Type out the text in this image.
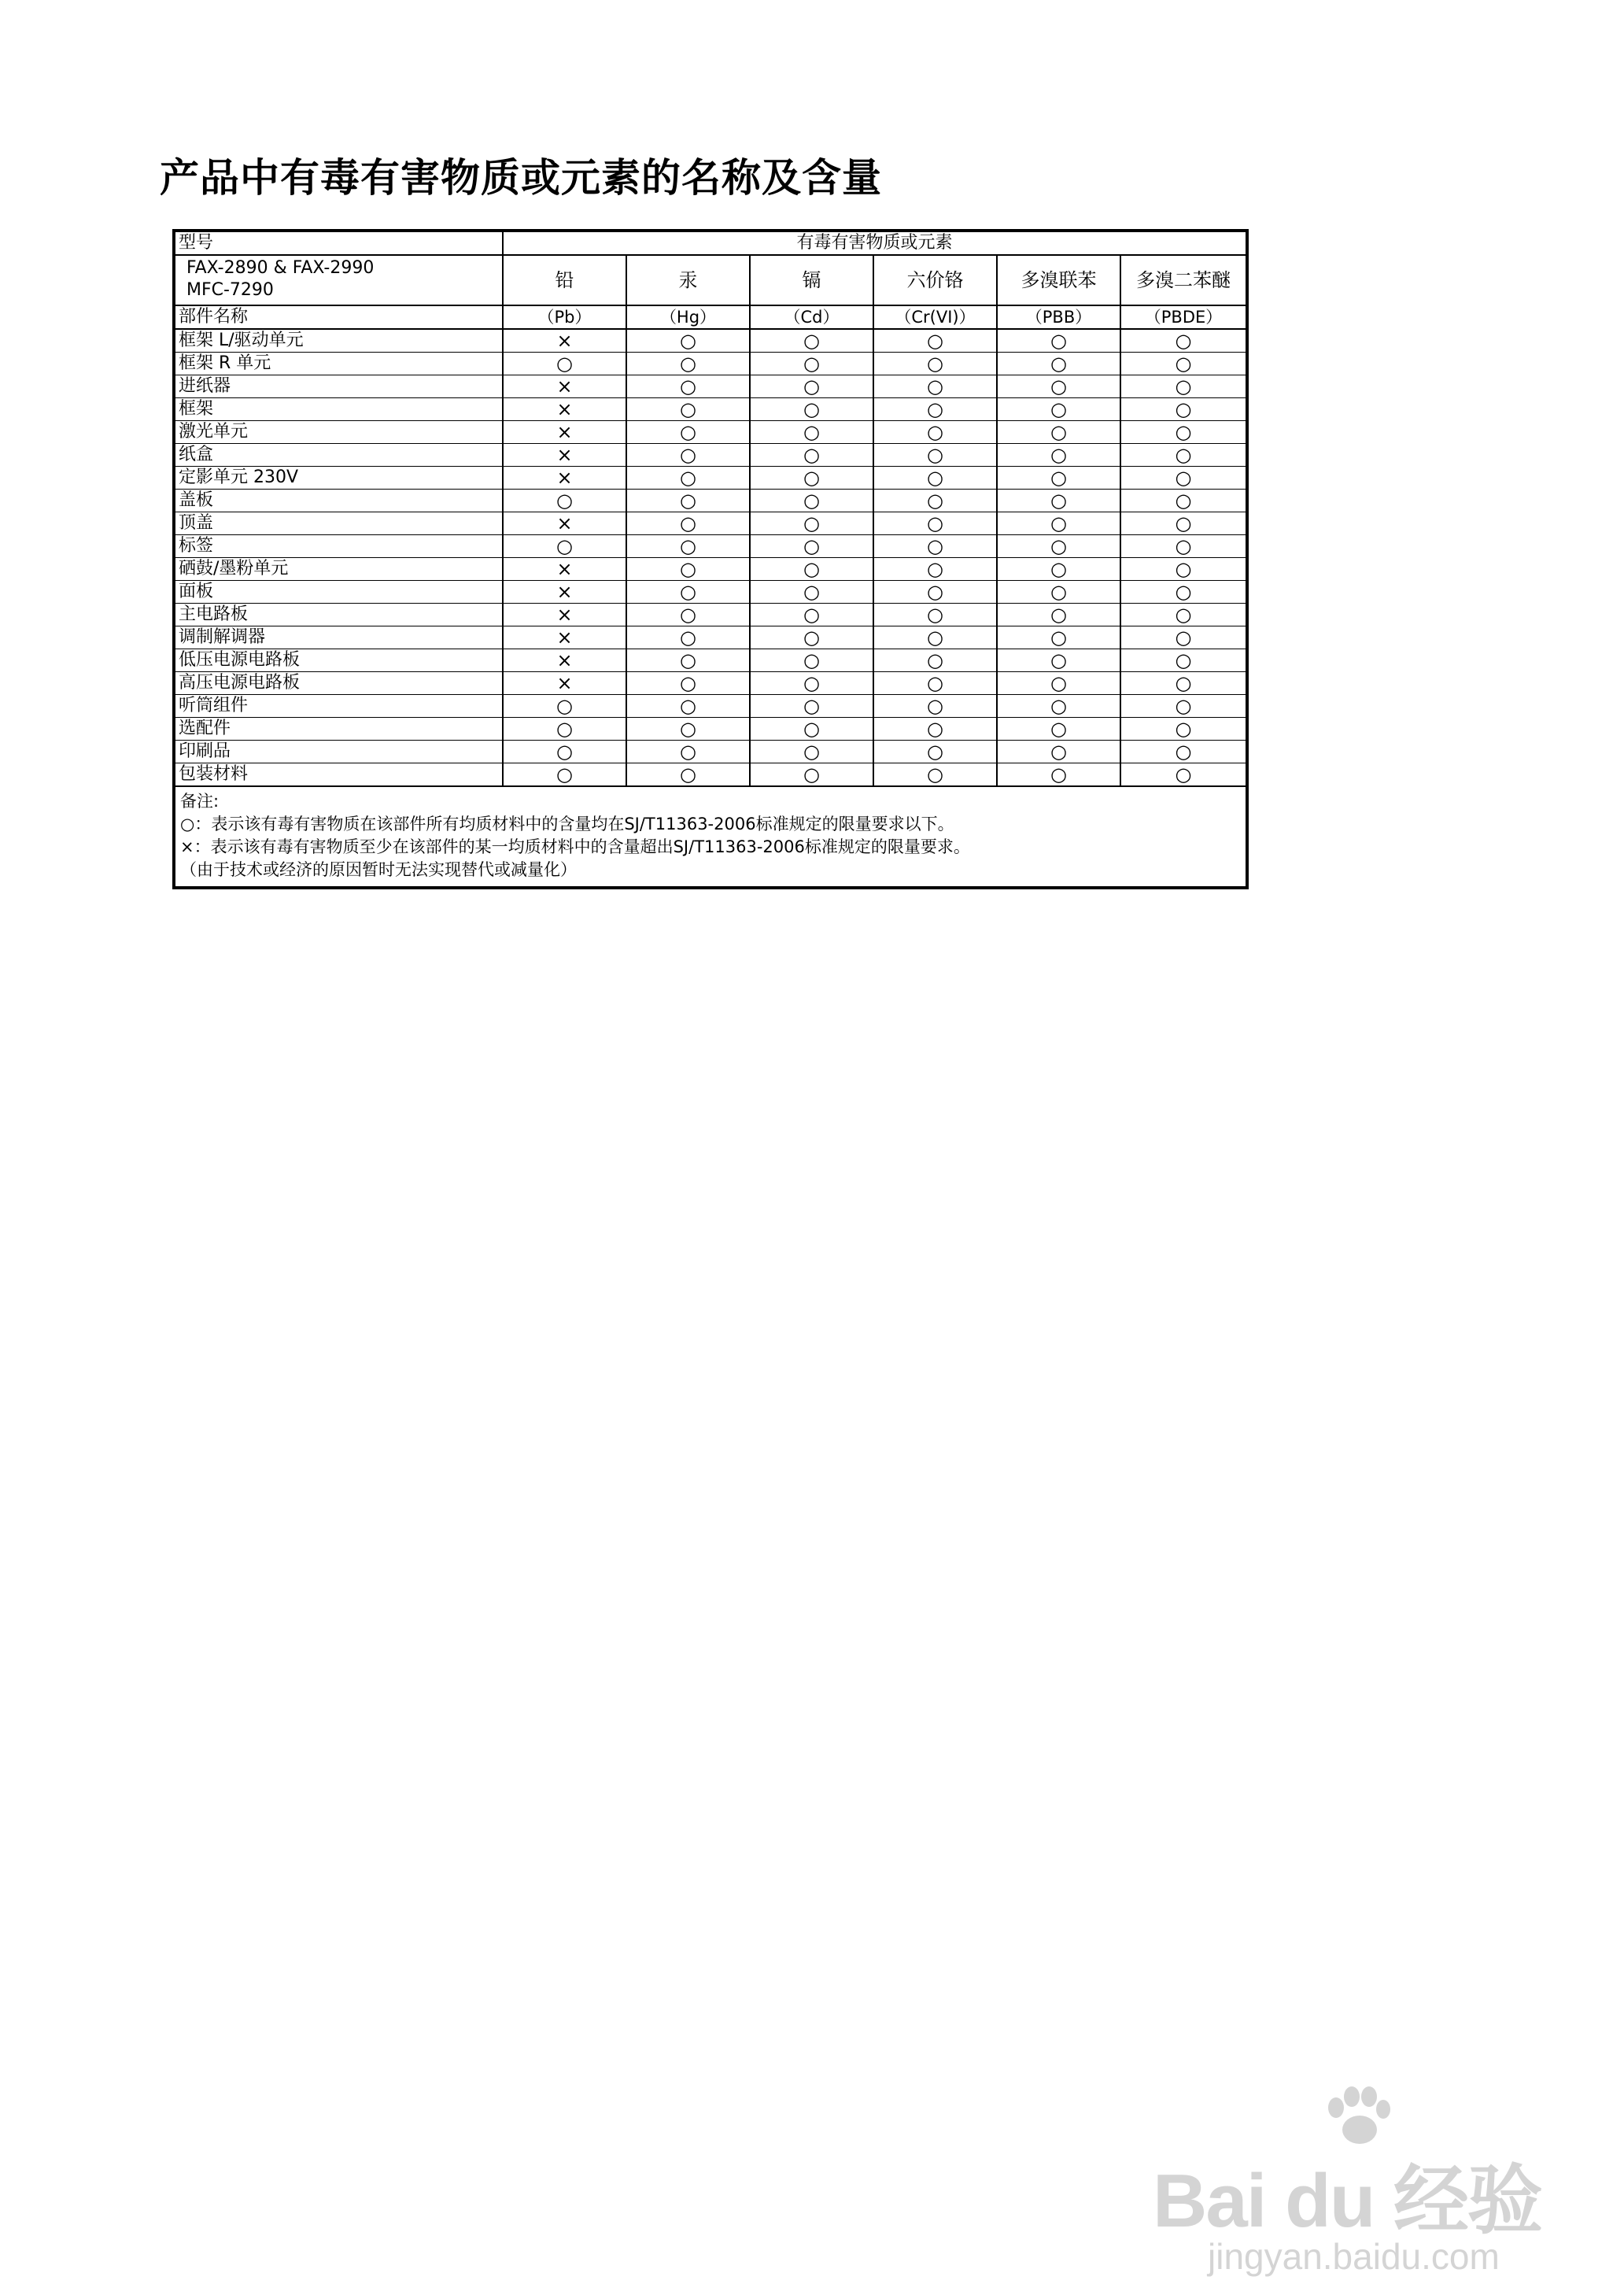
产品中有毒有害物质或元素的名称及含量
型号	有毒有害物质或元素					

FAX-2890 & FAX-2990
MFC-7290	铅	汞	镉	六价铬	多溴联苯	多溴二苯醚
部件名称	（Pb）	（Hg）	（Cd）	（Cr(VI)）	（PBB）	（PBDE）
框架 L/驱动单元	×	○	○	○	○	○
框架 R 单元	○	○	○	○	○	○
进纸器	×	○	○	○	○	○
框架	×	○	○	○	○	○
激光单元	×	○	○	○	○	○
纸盒	×	○	○	○	○	○
定影单元 230V	×	○	○	○	○	○
盖板	○	○	○	○	○	○
顶盖	×	○	○	○	○	○
标签	○	○	○	○	○	○
硒鼓/墨粉单元	×	○	○	○	○	○
面板	×	○	○	○	○	○
主电路板	×	○	○	○	○	○
调制解调器	×	○	○	○	○	○
低压电源电路板	×	○	○	○	○	○
高压电源电路板	×	○	○	○	○	○
听筒组件	○	○	○	○	○	○
选配件	○	○	○	○	○	○
印刷品	○	○	○	○	○	○
包装材料	○	○	○	○	○	○

备注:
○：表示该有毒有害物质在该部件所有均质材料中的含量均在SJ/T11363-2006标准规定的限量要求以下。
×：表示该有毒有害物质至少在该部件的某一均质材料中的含量超出SJ/T11363-2006标准规定的限量要求。
（由于技术或经济的原因暂时无法实现替代或减量化）						
Bai du 经验
jingyan.baidu.com
